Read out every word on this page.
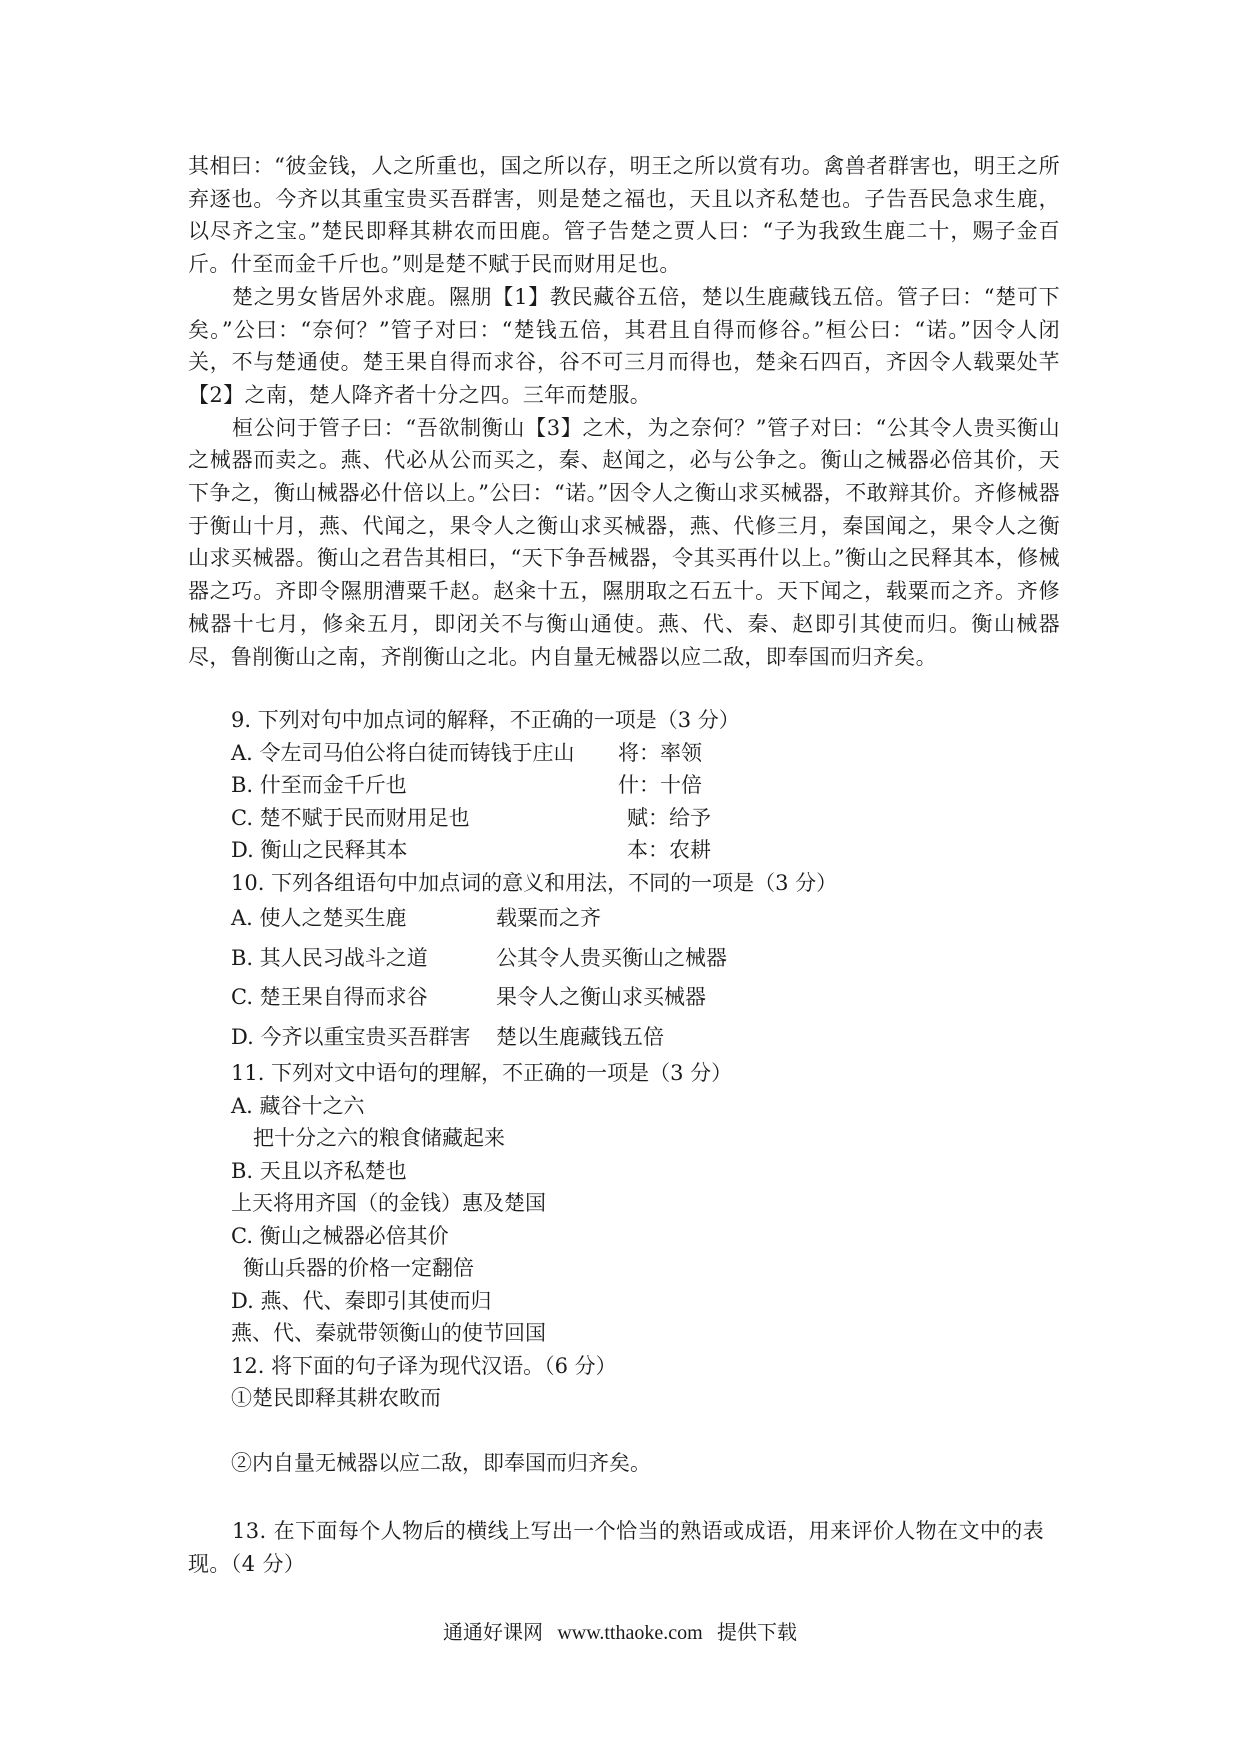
其相曰：“彼金钱，人之所重也，国之所以存，明王之所以赏有功。禽兽者群害也，明王之所弃逐也。今齐以其重宝贵买吾群害，则是楚之福也，天且以齐私楚也。子告吾民急求生鹿，以尽齐之宝。”楚民即释其耕农而田鹿。管子告楚之贾人曰：“子为我致生鹿二十，赐子金百斤。什至而金千斤也。”则是楚不赋于民而财用足也。

楚之男女皆居外求鹿。隰朋【1】教民藏谷五倍，楚以生鹿藏钱五倍。管子曰：“楚可下矣。”公曰：“奈何？”管子对曰：“楚钱五倍，其君且自得而修谷。”桓公曰：“诺。”因令人闭关，不与楚通使。楚王果自得而求谷，谷不可三月而得也，楚籴石四百，齐因令人载粟处芊【2】之南，楚人降齐者十分之四。三年而楚服。

桓公问于管子曰：“吾欲制衡山【3】之术，为之奈何？”管子对曰：“公其令人贵买衡山之械器而卖之。燕、代必从公而买之，秦、赵闻之，必与公争之。衡山之械器必倍其价，天下争之，衡山械器必什倍以上。”公曰：“诺。”因令人之衡山求买械器，不敢辩其价。齐修械器于衡山十月，燕、代闻之，果令人之衡山求买械器，燕、代修三月，秦国闻之，果令人之衡山求买械器。衡山之君告其相曰，“天下争吾械器，令其买再什以上。”衡山之民释其本，修械器之巧。齐即令隰朋漕粟千赵。赵籴十五，隰朋取之石五十。天下闻之，载粟而之齐。齐修械器十七月，修籴五月，即闭关不与衡山通使。燕、代、秦、赵即引其使而归。衡山械器尽，鲁削衡山之南，齐削衡山之北。内自量无械器以应二敌，即奉国而归齐矣。

9. 下列对句中加点词的解释，不正确的一项是（3 分）
A. 令左司马伯公将白徒而铸钱于庄山 将：率领
B. 什至而金千斤也	什：十倍
C. 楚不赋于民而财用足也	赋：给予
D. 衡山之民释其本	本：农耕
10. 下列各组语句中加点词的意义和用法，不同的一项是（3 分）
A. 使人之楚买生鹿	载粟而之齐
B. 其人民习战斗之道	公其令人贵买衡山之械器
C. 楚王果自得而求谷	果令人之衡山求买械器
D. 今齐以重宝贵买吾群害 楚以生鹿藏钱五倍
11. 下列对文中语句的理解，不正确的一项是（3 分）
A. 藏谷十之六
把十分之六的粮食储藏起来
B. 天且以齐私楚也
上天将用齐国（的金钱）惠及楚国
C. 衡山之械器必倍其价
衡山兵器的价格一定翻倍
D. 燕、代、秦即引其使而归
燕、代、秦就带领衡山的使节回国
12. 将下面的句子译为现代汉语。（6 分）
①楚民即释其耕农畋而
②内自量无械器以应二敌，即奉国而归齐矣。

13. 在下面每个人物后的横线上写出一个恰当的熟语或成语，用来评价人物在文中的表现。（4 分）

通通好课网 www.tthaoke.com 提供下载
